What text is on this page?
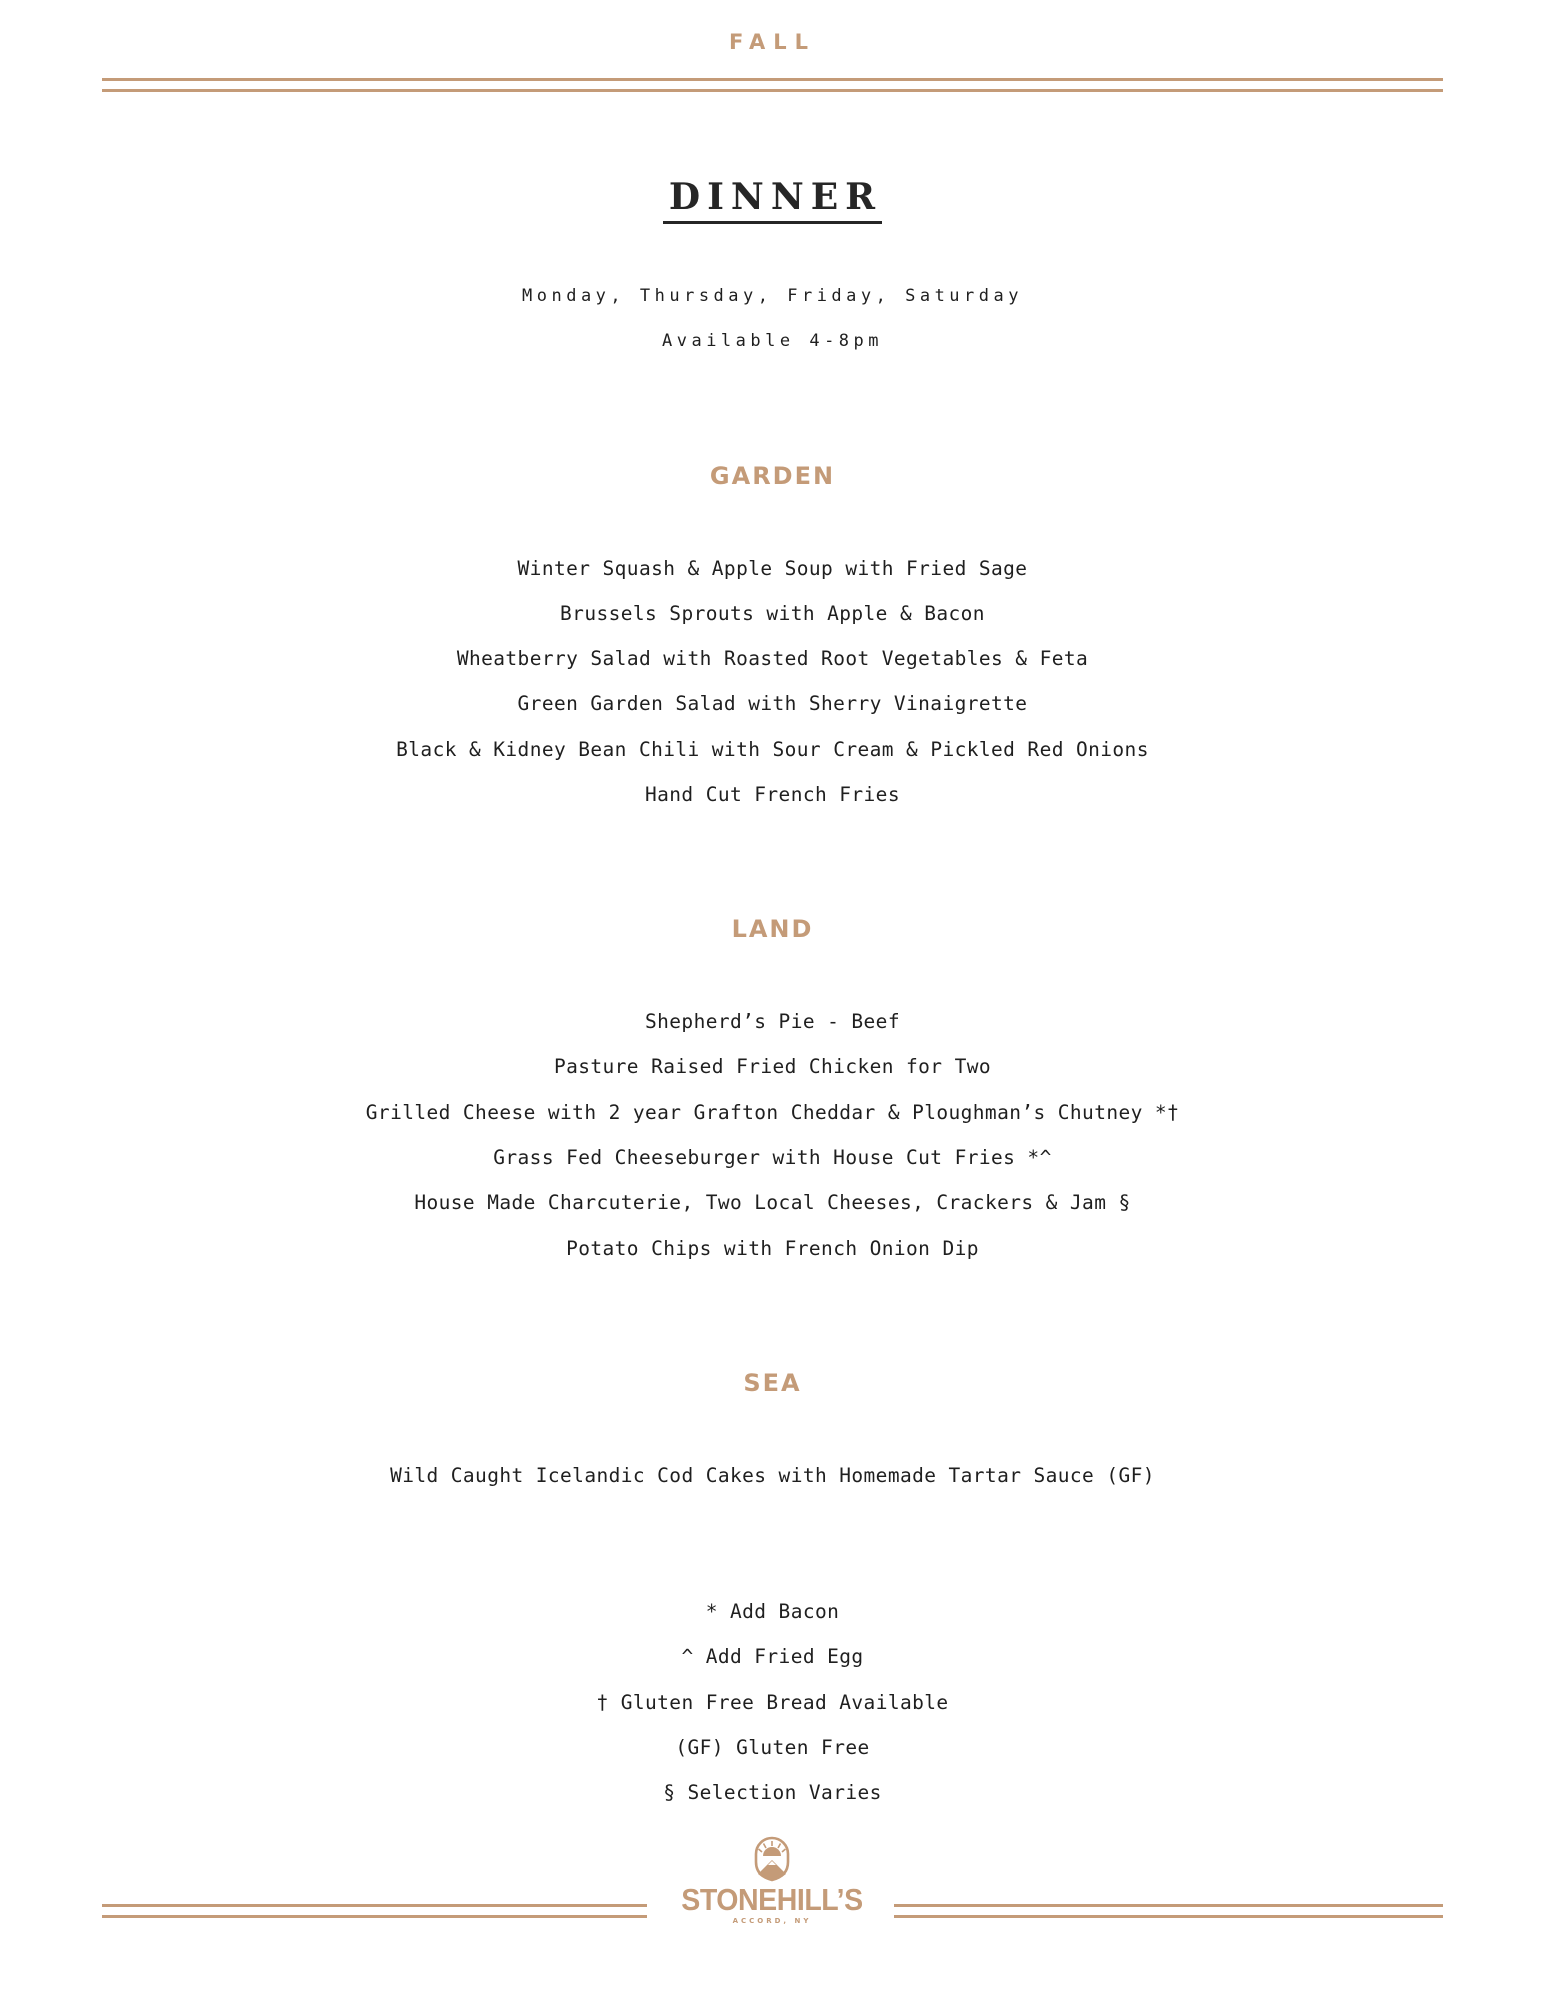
FALL
DINNER
Monday, Thursday, Friday, Saturday
Available 4-8pm
GARDEN
Winter Squash & Apple Soup with Fried Sage
Brussels Sprouts with Apple & Bacon
Wheatberry Salad with Roasted Root Vegetables & Feta
Green Garden Salad with Sherry Vinaigrette
Black & Kidney Bean Chili with Sour Cream & Pickled Red Onions
Hand Cut French Fries
LAND
Shepherd’s Pie - Beef
Pasture Raised Fried Chicken for Two
Grilled Cheese with 2 year Grafton Cheddar & Ploughman’s Chutney *†
Grass Fed Cheeseburger with House Cut Fries *^
House Made Charcuterie, Two Local Cheeses, Crackers & Jam §
Potato Chips with French Onion Dip
SEA
Wild Caught Icelandic Cod Cakes with Homemade Tartar Sauce (GF)
* Add Bacon
^ Add Fried Egg
† Gluten Free Bread Available
(GF) Gluten Free
§ Selection Varies
STONEHILL’S
ACCORD, NY
